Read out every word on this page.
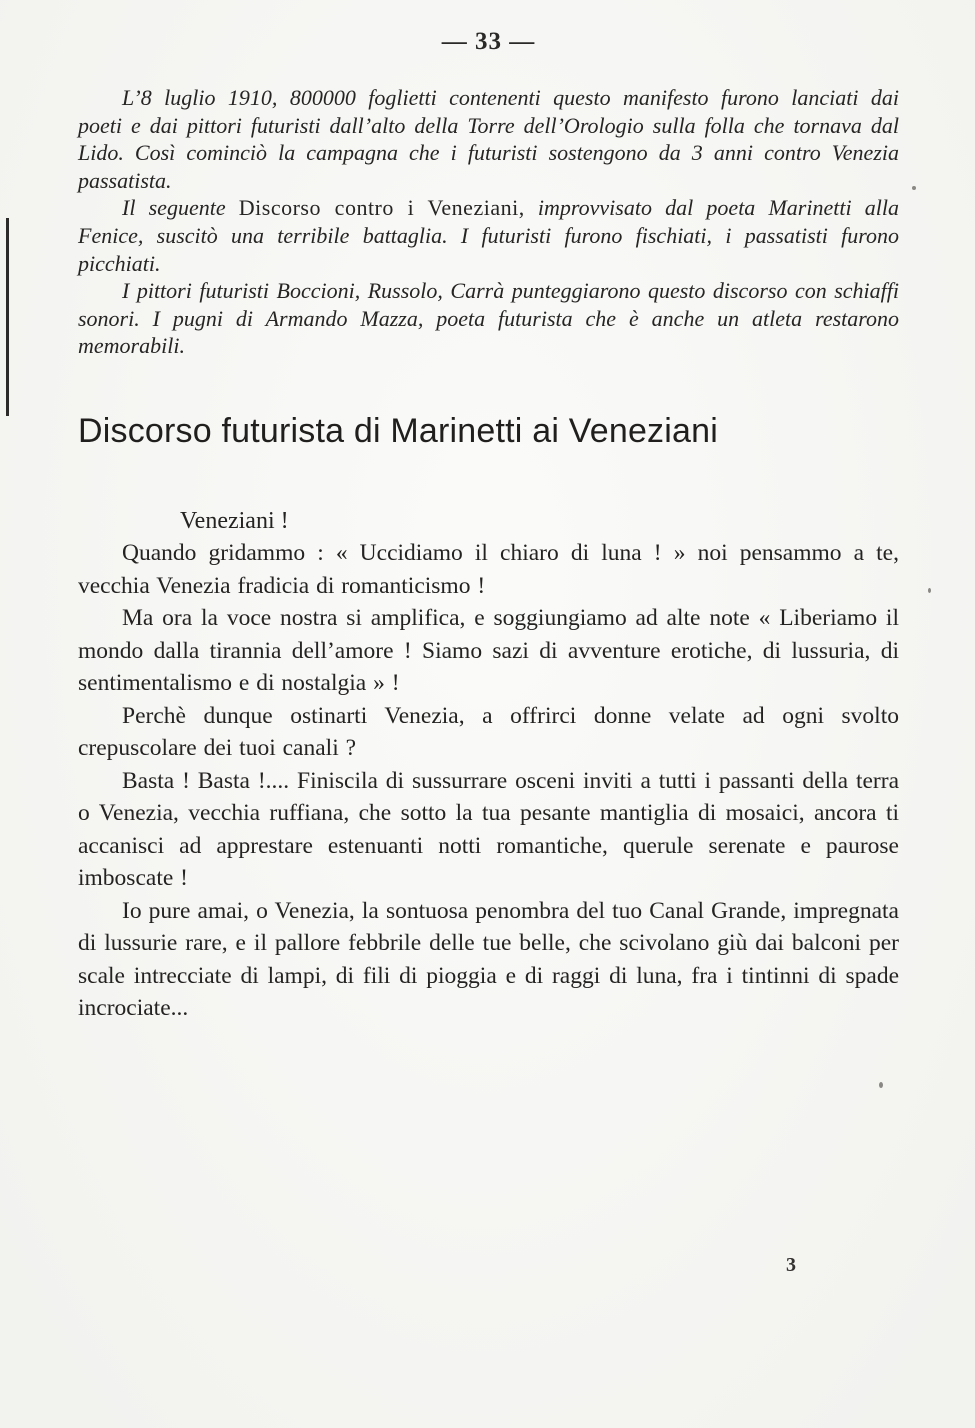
— 33 —

L’8 luglio 1910, 800000 foglietti contenenti questo manifesto furono lanciati dai poeti e dai pittori futuristi dall’alto della Torre dell’Orologio sulla folla che tornava dal Lido. Così cominciò la campagna che i futuristi sostengono da 3 anni contro Venezia passatista.

Il seguente Discorso contro i Veneziani, improvvisato dal poeta Marinetti alla Fenice, suscitò una terribile battaglia. I futuristi furono fischiati, i passatisti furono picchiati.

I pittori futuristi Boccioni, Russolo, Carrà punteggiarono questo discorso con schiaffi sonori. I pugni di Armando Mazza, poeta futurista che è anche un atleta restarono memorabili.

Discorso futurista di Marinetti ai Veneziani

Veneziani !

Quando gridammo : « Uccidiamo il chiaro di luna ! » noi pensammo a te, vecchia Venezia fradicia di romanticismo !

Ma ora la voce nostra si amplifica, e soggiungiamo ad alte note « Liberiamo il mondo dalla tirannia dell’amore ! Siamo sazi di avventure erotiche, di lussuria, di sentimentalismo e di nostalgia » !

Perchè dunque ostinarti Venezia, a offrirci donne velate ad ogni svolto crepuscolare dei tuoi canali ?

Basta ! Basta !.... Finiscila di sussurrare osceni inviti a tutti i passanti della terra o Venezia, vecchia ruffiana, che sotto la tua pesante mantiglia di mosaici, ancora ti accanisci ad apprestare estenuanti notti romantiche, querule serenate e paurose imboscate !

Io pure amai, o Venezia, la sontuosa penombra del tuo Canal Grande, impregnata di lussurie rare, e il pallore febbrile delle tue belle, che scivolano giù dai balconi per scale intrecciate di lampi, di fili di pioggia e di raggi di luna, fra i tintinni di spade incrociate...

3
